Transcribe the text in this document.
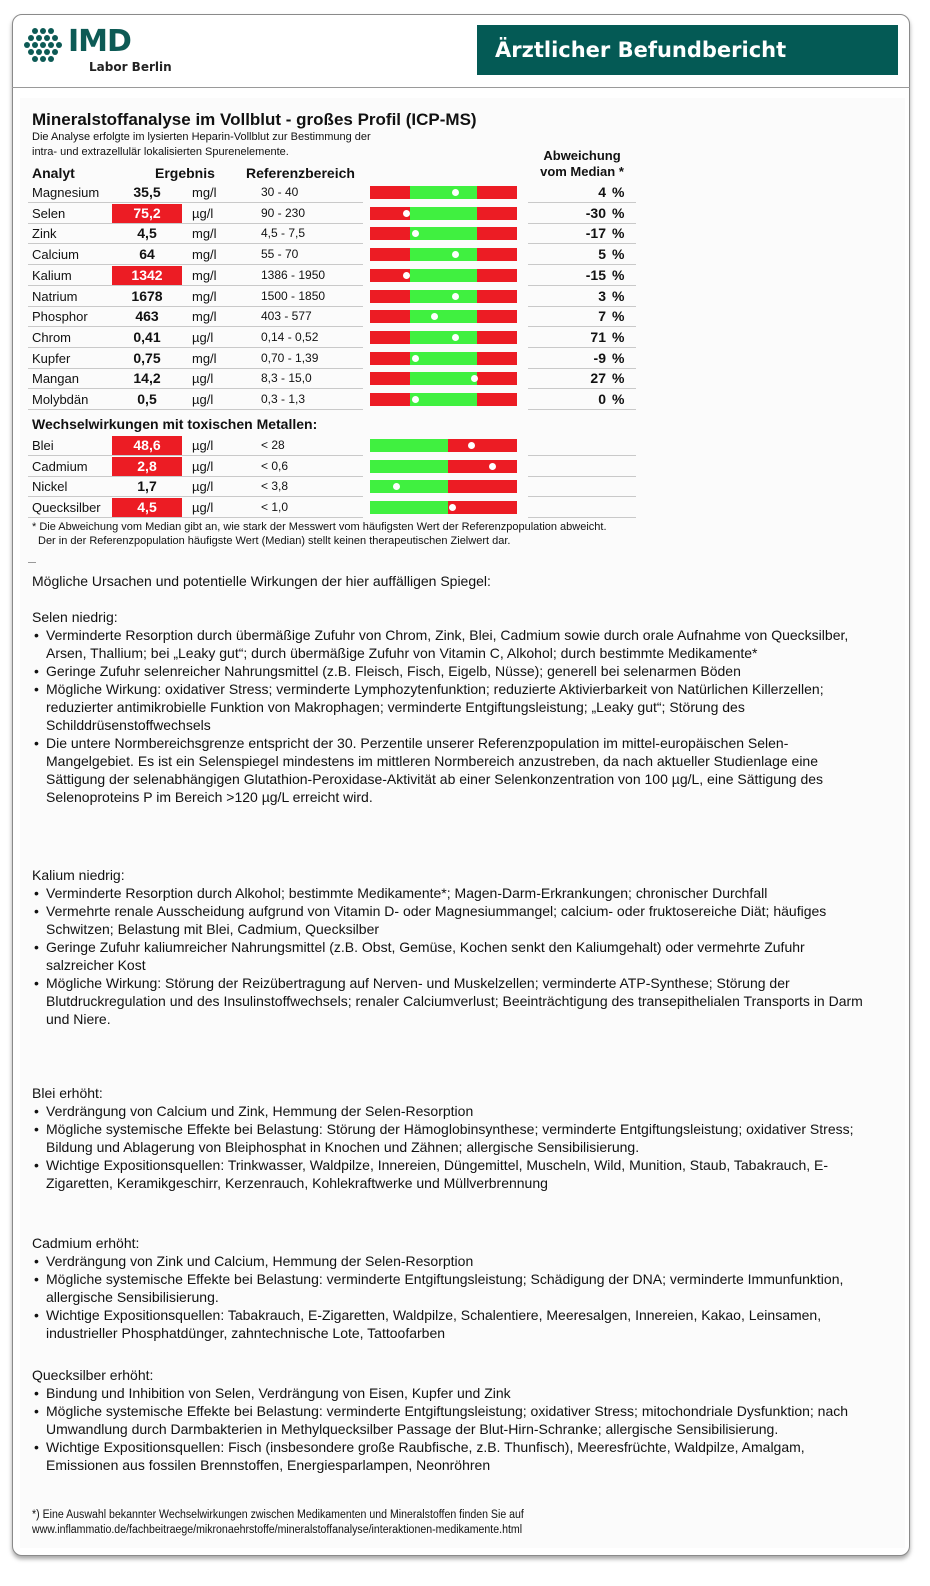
IMD
Labor Berlin
Ärztlicher Befundbericht
Mineralstoffanalyse im Vollblut - großes Profil (ICP-MS)
Die Analyse erfolgte im lysierten Heparin-Vollblut zur Bestimmung der
intra- und extrazellulär lokalisierten Spurenelemente.	Abweichung
vom Median *
Analyt	Ergebnis Referenzbereich
Magnesium	35,5	mg/l	30 - 40	4 %
Selen	75,2	µg/l	90 - 230	-30 %
Zink	4,5	mg/l	4,5 - 7,5	-17 %
Calcium	64	mg/l	55 - 70	5 %
Kalium	1342	mg/l	1386 - 1950	-15 %
Natrium	1678	mg/l	1500 - 1850	3 %
Phosphor	463	mg/l	403 - 577	7 %
Chrom	0,41	µg/l	0,14 - 0,52	71 %
Kupfer	0,75	mg/l	0,70 - 1,39	-9 %
Mangan	14,2	µg/l	8,3 - 15,0	27 %
Molybdän	0,5	µg/l	0,3 - 1,3	0 %
Wechselwirkungen mit toxischen Metallen:
Blei	48,6	µg/l	< 28
Cadmium	2,8	µg/l	< 0,6
Nickel	1,7	µg/l	< 3,8
Quecksilber	4,5	µg/l	< 1,0
* Die Abweichung vom Median gibt an, wie stark der Messwert vom häufigsten Wert der Referenzpopulation abweicht.
Der in der Referenzpopulation häufigste Wert (Median) stellt keinen therapeutischen Zielwert dar.
Mögliche Ursachen und potentielle Wirkungen der hier auffälligen Spiegel:

Selen niedrig:

• Verminderte Resorption durch übermäßige Zufuhr von Chrom, Zink, Blei, Cadmium sowie durch orale Aufnahme von Quecksilber, Arsen, Thallium; bei „Leaky gut“; durch übermäßige Zufuhr von Vitamin C, Alkohol; durch bestimmte Medikamente*
• Geringe Zufuhr selenreicher Nahrungsmittel (z.B. Fleisch, Fisch, Eigelb, Nüsse); generell bei selenarmen Böden
• Mögliche Wirkung: oxidativer Stress; verminderte Lymphozytenfunktion; reduzierte Aktivierbarkeit von Natürlichen Killerzellen; reduzierter antimikrobielle Funktion von Makrophagen; verminderte Entgiftungsleistung; „Leaky gut“; Störung des Schilddrüsenstoffwechsels
• Die untere Normbereichsgrenze entspricht der 30. Perzentile unserer Referenzpopulation im mittel-europäischen Selen-Mangelgebiet. Es ist ein Selenspiegel mindestens im mittleren Normbereich anzustreben, da nach aktueller Studienlage eine Sättigung der selenabhängigen Glutathion-Peroxidase-Aktivität ab einer Selenkonzentration von 100 µg/L, eine Sättigung des Selenoproteins P im Bereich >120 µg/L erreicht wird.

Kalium niedrig:

• Verminderte Resorption durch Alkohol; bestimmte Medikamente*; Magen-Darm-Erkrankungen; chronischer Durchfall
• Vermehrte renale Ausscheidung aufgrund von Vitamin D- oder Magnesiummangel; calcium- oder fruktosereiche Diät; häufiges Schwitzen; Belastung mit Blei, Cadmium, Quecksilber
• Geringe Zufuhr kaliumreicher Nahrungsmittel (z.B. Obst, Gemüse, Kochen senkt den Kaliumgehalt) oder vermehrte Zufuhr salzreicher Kost
• Mögliche Wirkung: Störung der Reizübertragung auf Nerven- und Muskelzellen; verminderte ATP-Synthese; Störung der Blutdruckregulation und des Insulinstoffwechsels; renaler Calciumverlust; Beeinträchtigung des transepithelialen Transports in Darm und Niere.

Blei erhöht:

• Verdrängung von Calcium und Zink, Hemmung der Selen-Resorption
• Mögliche systemische Effekte bei Belastung: Störung der Hämoglobinsynthese; verminderte Entgiftungsleistung; oxidativer Stress; Bildung und Ablagerung von Bleiphosphat in Knochen und Zähnen; allergische Sensibilisierung.
• Wichtige Expositionsquellen: Trinkwasser, Waldpilze, Innereien, Düngemittel, Muscheln, Wild, Munition, Staub, Tabakrauch, E-Zigaretten, Keramikgeschirr, Kerzenrauch, Kohlekraftwerke und Müllverbrennung

Cadmium erhöht:

• Verdrängung von Zink und Calcium, Hemmung der Selen-Resorption
• Mögliche systemische Effekte bei Belastung: verminderte Entgiftungsleistung; Schädigung der DNA; verminderte Immunfunktion, allergische Sensibilisierung.
• Wichtige Expositionsquellen: Tabakrauch, E-Zigaretten, Waldpilze, Schalentiere, Meeresalgen, Innereien, Kakao, Leinsamen, industrieller Phosphatdünger, zahntechnische Lote, Tattoofarben

Quecksilber erhöht:

• Bindung und Inhibition von Selen, Verdrängung von Eisen, Kupfer und Zink
• Mögliche systemische Effekte bei Belastung: verminderte Entgiftungsleistung; oxidativer Stress; mitochondriale Dysfunktion; nach Umwandlung durch Darmbakterien in Methylquecksilber Passage der Blut-Hirn-Schranke; allergische Sensibilisierung.
• Wichtige Expositionsquellen: Fisch (insbesondere große Raubfische, z.B. Thunfisch), Meeresfrüchte, Waldpilze, Amalgam, Emissionen aus fossilen Brennstoffen, Energiesparlampen, Neonröhren
*) Eine Auswahl bekannter Wechselwirkungen zwischen Medikamenten und Mineralstoffen finden Sie auf
www.inflammatio.de/fachbeitraege/mikronaehrstoffe/mineralstoffanalyse/interaktionen-medikamente.html
